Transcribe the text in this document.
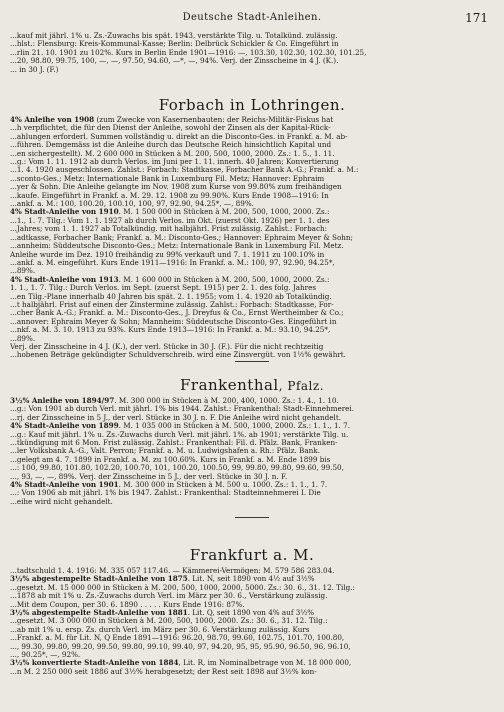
Deutsche Stadt-Anleihen.	171

...kauf mit jährl. 1% u. Zs.-Zuwachs bis spät. 1943, verstärkte Tilg. u. Totalkünd. zulässig.

...hlst.: Flensburg: Kreis-Kommunal-Kasse; Berlin: Delbrück Schickler & Co. Eingeführt in

...rlin 21. 10. 1901 zu 102%. Kurs in Berlin Ende 1901—1916: —, 103.30, 102.30, 102.30, 101.25,

...20, 98.80, 99.75, 100, —, —, 97.50, 94.60, —*, —, 94%. Verj. der Zinsscheine in 4 J. (K.).

... in 30 J. (F.)

Forbach in Lothringen.

4% Anleihe von 1908 (zum Zwecke von Kasernenbauten: der Reichs-Militär-Fiskus hat

...h verpflichtet, die für den Dienst der Anleihe, sowohl der Zinsen als der Kapital-Rück-

...ahlungen erforderl. Summen vollständig u. direkt an die Disconto-Ges. in Frankf. a. M. ab-

...führen. Demgemäss ist die Anleihe durch das Deutsche Reich hinsichtlich Kapital und

...en sichergestellt). M. 2 600 000 in Stücken à M. 200, 500, 1000, 2000. Zs.: 1. 5., 1. 11.

...g.: Vom 1. 11. 1912 ab durch Verlos. im Juni per 1. 11. innerh. 40 Jahren; Konvertierung

...1. 4. 1920 ausgeschlossen. Zahlst.: Forbach: Stadtkasse, Forbacher Bank A.-G.; Frankf. a. M.:

...sconto-Ges.; Metz: Internationale Bank in Luxemburg Fil. Metz; Hannover: Ephraim

...yer & Sohn. Die Anleihe gelangte im Nov. 1908 zum Kurse von 99.80% zum freihändigen

...kaufe. Eingeführt in Frankf. a. M. 29. 12. 1908 zu 99.90%. Kurs Ende 1908—1916: In

...ankf. a. M.: 100, 100.20, 100.10, 100, 97, 92.90, 94.25*, —, 89%.

4% Stadt-Anleihe von 1910. M. 1 500 000 in Stücken à M. 200, 500, 1000, 2000. Zs.:

...1., 1. 7. Tilg.: Vom 1. 1. 1927 ab durch Verlos. im Okt. (zuerst Okt. 1926) per 1. 1. des

...Jahres; vom 1. 1. 1927 ab Totalkündig. mit halbjährl. Frist zulässig. Zahlst.: Forbach:

...adtkasse, Forbacher Bank; Frankf. a. M.: Disconto-Ges.; Hannover: Ephraim Meyer & Sohn;

...annheim: Süddeutsche Disconto-Ges.; Metz: Internationale Bank in Luxemburg Fil. Metz.

Anleihe wurde im Dez. 1910 freihändig zu 99% verkauft und 7. 1. 1911 zu 100.10% in

...ankf. a. M. eingeführt. Kurs Ende 1911—1916: In Frankf. a. M.: 100, 97, 92.90, 94.25*,

...89%.

4% Stadt-Anleihe von 1913. M. 1 600 000 in Stücken à M. 200, 500, 1000, 2000. Zs.:

1. 1., 1. 7. Tilg.: Durch Verlos. im Sept. (zuerst Sept. 1915) per 2. 1. des folg. Jahres

...en Tilg.-Plane innerhalb 40 Jahren bis spät. 2. 1. 1955; vom 1. 4. 1920 ab Totalkündig.

...t halbjährl. Frist auf einen der Zinstermine zulässig. Zahlst.: Forbach: Stadtkasse, For-

...cher Bank A.-G.; Frankf. a. M.: Disconto-Ges., J. Dreyfus & Co., Ernst Wertheimber & Co.;

...annover: Ephraim Meyer & Sohn; Mannheim: Süddeutsche Disconto-Ges. Eingeführt in

...nkf. a. M. 3. 10. 1913 zu 93%. Kurs Ende 1913—1916: In Frankf. a. M.: 93.10, 94.25*,

...89%.

Verj. der Zinsscheine in 4 J. (K.), der verl. Stücke in 30 J. (F.). Für die nicht rechtzeitig

...hobenen Beträge gekündigter Schuldverschreib. wird eine Zinsvergüt. von 1½% gewährt.

Frankenthal, Pfalz.

3½% Anleihe von 1894/97. M. 300 000 in Stücken à M. 200, 400, 1000. Zs.: 1. 4., 1. 10.

...g.: Von 1901 ab durch Verl. mit jährl. 1% bis 1944. Zahlst.: Frankenthal: Stadt-Einnehmerei.

...rj. der Zinsscheine in 5 J., der verl. Stücke in 30 J. n. F. Die Anleihe wird nicht gehandelt.

4% Stadt-Anleihe von 1899. M. 1 035 000 in Stücken à M. 500, 1000, 2000. Zs.: 1. 1., 1. 7.

...g.: Kauf mit jährl. 1% u. Zs.-Zuwachs durch Verl. mit jährl. 1%. ab 1901; verstärkte Tilg. u.

...tkündigung mit 6 Mon. Frist zulässig. Zahlst.: Frankenthal: Fil. d. Pfälz. Bank, Franken-

...ler Volksbank A.-G., Valt. Perron; Frankf. a. M. u. Ludwigshafen a. Rh.: Pfälz. Bank.

...gelegt am 4. 7. 1899 in Frankf. a. M. zu 100.60%. Kurs in Frankf. a. M. Ende 1899 bis

...: 100, 99.80, 101.80, 102.20, 100.70, 101, 100.20, 100.50, 99, 99.80, 99.80, 99.60, 99.50,

..., 93, —, —, 89%. Verj. der Zinsscheine in 5 J., der verl. Stücke in 30 J. n. F.

4% Stadt-Anleihe von 1901. M. 300 000 in Stücken à M. 500 u. 1000. Zs.: 1. 1., 1. 7.

...: Von 1906 ab mit jährl. 1% bis 1947. Zahlst.: Frankenthal: Stadteinnehmerei I. Die

...eihe wird nicht gehandelt.

Frankfurt a. M.

...tadtschuld 1. 4. 1916: M. 335 057 117.46. — Kämmerei-Vermögen: M. 579 586 283.04.

3½% abgestempelte Stadt-Anleihe von 1875. Lit. N, seit 1890 von 4½ auf 3½%

...gesetzt. M. 15 000 000 in Stücken à M. 200, 500, 1000, 2000, 5000. Zs.: 30. 6., 31. 12. Tilg.:

...1878 ab mit 1% u. Zs.-Zuwachs durch Verl. im März per 30. 6., Verstärkung zulässig.

...Mit dem Coupon, per 30. 6. 1890 . . . . . Kurs Ende 1916: 87%.

3½% abgestempelte Stadt-Anleihe von 1881. Lit. Q, seit 1890 von 4% auf 3½%

...gesetzt. M. 3 000 000 in Stücken à M. 200, 500, 1000, 2000. Zs.: 30. 6., 31. 12. Tilg.:

...ab mit 1% u. ersp. Zs. durch Verl. im März per 30. 6. Verstärkung zulässig. Kurs

...Frankf. a. M. für Lit. N, Q Ende 1891—1916: 96.20, 98.70, 99.60, 102.75, 101.70, 100.80,

..., 99.30, 99.80, 99.20, 99.50, 99.80, 99.10, 99.40, 97, 94.20, 95, 95, 95.90, 96.50, 96, 96.10,

..., 90.25*, —, 92%.

3½% konvertierte Stadt-Anleihe von 1884, Lit. R, im Nominalbetrage von M. 18 000 000,

...n M. 2 250 000 seit 1886 auf 3½% herabgesetzt; der Rest seit 1898 auf 3½% kon-
